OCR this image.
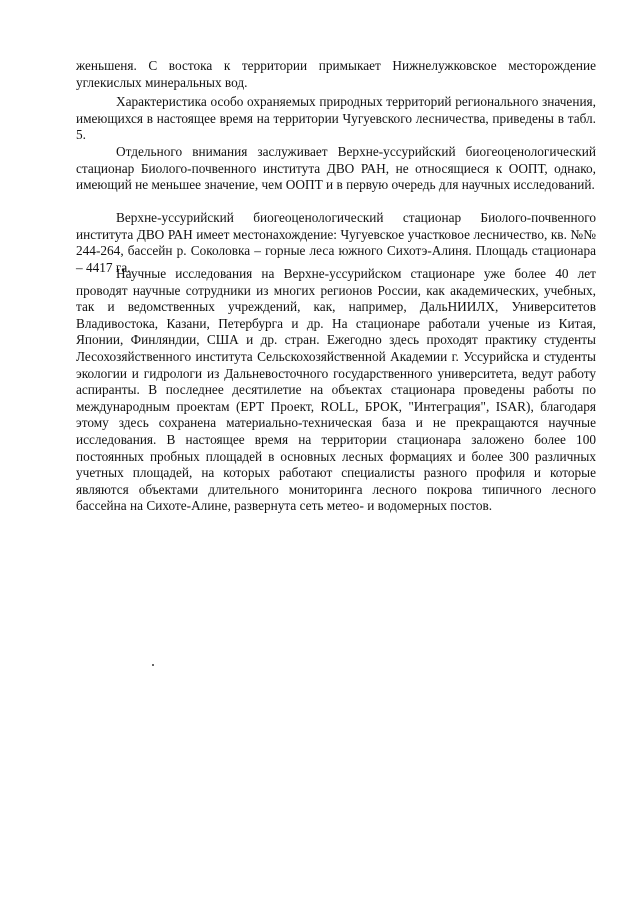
женьшеня. С востока к территории примыкает Нижнелужковское месторождение углекислых минеральных вод.

Характеристика особо охраняемых природных территорий регионального значения, имеющихся в настоящее время на территории Чугуевского лесничества, приведены в табл. 5.

Отдельного внимания заслуживает Верхне-уссурийский биогеоценологический стационар Биолого-почвенного института ДВО РАН, не относящиеся к ООПТ, однако, имеющий не меньшее значение, чем ООПТ и в первую очередь для научных исследований.

Верхне-уссурийский биогеоценологический стационар Биолого-почвенного института ДВО РАН имеет местонахождение: Чугуевское участковое лесничество, кв. №№ 244-264, бассейн р. Соколовка – горные леса южного Сихотэ-Алиня. Площадь стационара – 4417 га.

Научные исследования на Верхне-уссурийском стационаре уже более 40 лет проводят научные сотрудники из многих регионов России, как академических, учебных, так и ведомственных учреждений, как, например, ДальНИИЛХ, Университетов Владивостока, Казани, Петербурга и др. На стационаре работали ученые из Китая, Японии, Финляндии, США и др. стран. Ежегодно здесь проходят практику студенты Лесохозяйственного института Сельскохозяйственной Академии г. Уссурийска и студенты экологии и гидрологи из Дальневосточного государственного университета, ведут работу аспиранты. В последнее десятилетие на объектах стационара проведены работы по международным проектам (ЕРТ Проект, ROLL, БРОК, "Интеграция", ISAR), благодаря этому здесь сохранена материально-техническая база и не прекращаются научные исследования. В настоящее время на территории стационара заложено более 100 постоянных пробных площадей в основных лесных формациях и более 300 различных учетных площадей, на которых работают специалисты разного профиля и которые являются объектами длительного мониторинга лесного покрова типичного лесного бассейна на Сихоте-Алине, развернута сеть метео- и водомерных постов.
